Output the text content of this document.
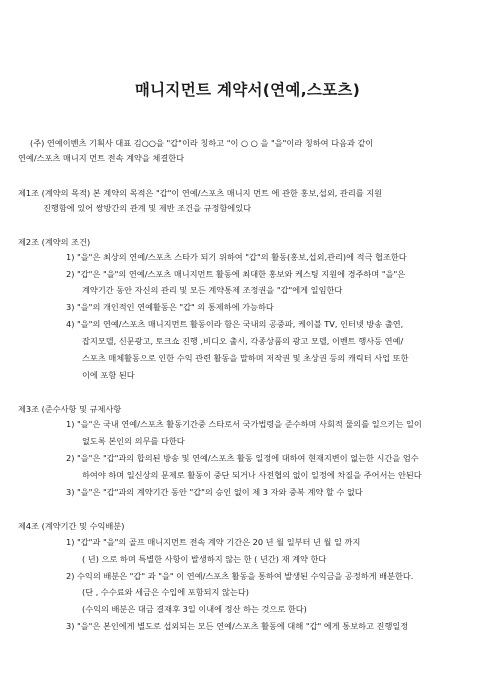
매니지먼트 계약서(연예,스포츠)
(주) 연예이벤츠 기획사 대표 김○○을 "갑"이라 칭하고 "이 ○ ○ 을 "을"이라 칭하여 다음과 같이
연예/스포츠 매니지 먼트 전속 계약을 체결한다
제1조 (계약의 목적) 본 계약의 목적은 "갑"이 연예/스포츠 매니지 먼트 에 관한 홍보,섭외, 관리를 지원
진행함에 있어 쌍방간의 관계 및 제반 조건을 규정함에있다
제2조 (계약의 조건)
1) "을"은 최상의 연예/스포츠 스타가 되기 위하여 "갑"의 활동(홍보,섭외,관리)에 적극 협조한다
2) "갑"은 "을"의 연예/스포츠 매니지먼트 활동에 최대한 홍보와 케스팅 지원에 경주하며 "을"은
계약기간 동안 자신의 관리 및 모든 계약통제 조정권을 "갑"에게 일임한다
3) "을"의 개인적인 연예활동은 "갑" 의 통제하에 가능하다
4) "을"의 연예/스포츠 매니지먼트 활동이라 함은 국내의 공중파, 케이블 TV, 인터넷 방송 출연,
잡지모델, 신문광고, 토크쇼 진행 ,비디오 출시, 각종상품의 광고 모델, 이벤트 행사등 연예/
스포츠 매체활동으로 인한 수익 관련 활동을 말하며 저작권 및 초상권 등의 캐릭터 사업 또한
이에 포함 된다
제3조 (준수사항 및 규제사항
1) "을"은 국내 연예/스포츠 활동기간중 스타로서 국가법령을 준수하며 사회적 물의를 일으키는 일이
없도록 본인의 의무를 다한다
2) "을"은 "갑"과의 합의된 방송 및 연예/스포츠 활동 일정에 대하여 현재지변이 없는한 시간을 엄수
하여야 하며 일신상의 문제로 활동이 중단 되거나 사전협의 없이 일정에 차질을 주어서는 안된다
3) "을"은 "갑"과의 계약기간 동안 "갑"의 승인 없이 제 3 자와 중복 계약 할 수 없다
제4조 (계약기간 및 수익배분)
1) "갑"과 "을"의 골프 매니지먼트 전속 계약 기간은 20 년 월 일부터 년 월 일 까지
( 년) 으로 하며 특별한 사항이 발생하지 않는 한 ( 년간) 재 계약 한다
2) 수익의 배분은 "갑" 과 "을" 이 연예/스포츠 활동을 통하여 발생된 수익금을 공정하게 배분한다.
(단 , 수수료와 세금은 수입에 포함되지 않는다)
(수익의 배분은 대금 결재후 3일 이내에 정산 하는 것으로 한다)
3) "을"은 본인에게 별도로 섭외되는 모든 연예/스포츠 활동에 대해 "갑" 에게 통보하고 진행일정
